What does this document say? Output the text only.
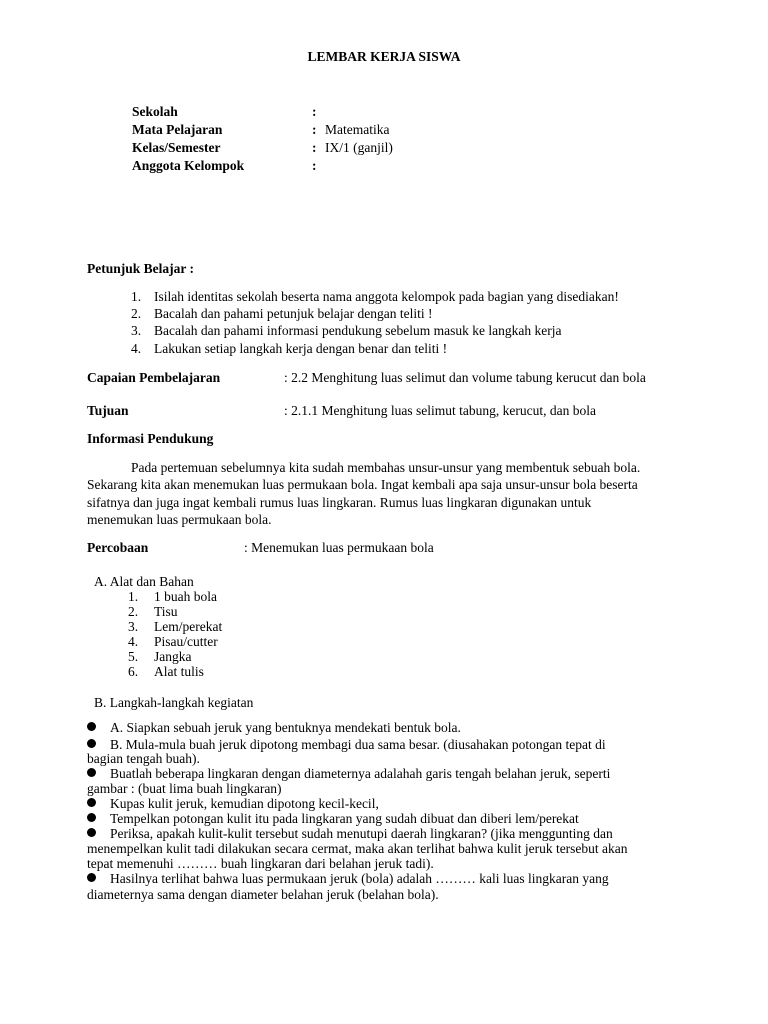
LEMBAR KERJA SISWA
Sekolah	:
Mata Pelajaran	: Matematika
Kelas/Semester	: IX/1 (ganjil)
Anggota Kelompok	:
Petunjuk Belajar :
1. Isilah identitas sekolah beserta nama anggota kelompok pada bagian yang disediakan!
2. Bacalah dan pahami petunjuk belajar dengan teliti !
3. Bacalah dan pahami informasi pendukung sebelum masuk ke langkah kerja
4. Lakukan setiap langkah kerja dengan benar dan teliti !
Capaian Pembelajaran	: 2.2 Menghitung luas selimut dan volume tabung kerucut dan bola
Tujuan	: 2.1.1 Menghitung luas selimut tabung, kerucut, dan bola
Informasi Pendukung
Pada pertemuan sebelumnya kita sudah membahas unsur-unsur yang membentuk sebuah bola.
Sekarang kita akan menemukan luas permukaan bola. Ingat kembali apa saja unsur-unsur bola beserta
sifatnya dan juga ingat kembali rumus luas lingkaran. Rumus luas lingkaran digunakan untuk
menemukan luas permukaan bola.
Percobaan	: Menemukan luas permukaan bola
A. Alat dan Bahan
1. 1 buah bola
2. Tisu
3. Lem/perekat
4. Pisau/cutter
5. Jangka
6. Alat tulis
B. Langkah-langkah kegiatan
A. Siapkan sebuah jeruk yang bentuknya mendekati bentuk bola.
B. Mula-mula buah jeruk dipotong membagi dua sama besar. (diusahakan potongan tepat di
bagian tengah buah).
Buatlah beberapa lingkaran dengan diameternya adalahah garis tengah belahan jeruk, seperti
gambar : (buat lima buah lingkaran)
Kupas kulit jeruk, kemudian dipotong kecil-kecil,
Tempelkan potongan kulit itu pada lingkaran yang sudah dibuat dan diberi lem/perekat
Periksa, apakah kulit-kulit tersebut sudah menutupi daerah lingkaran? (jika menggunting dan
menempelkan kulit tadi dilakukan secara cermat, maka akan terlihat bahwa kulit jeruk tersebut akan
tepat memenuhi ……… buah lingkaran dari belahan jeruk tadi).
Hasilnya terlihat bahwa luas permukaan jeruk (bola) adalah ……… kali luas lingkaran yang
diameternya sama dengan diameter belahan jeruk (belahan bola).
